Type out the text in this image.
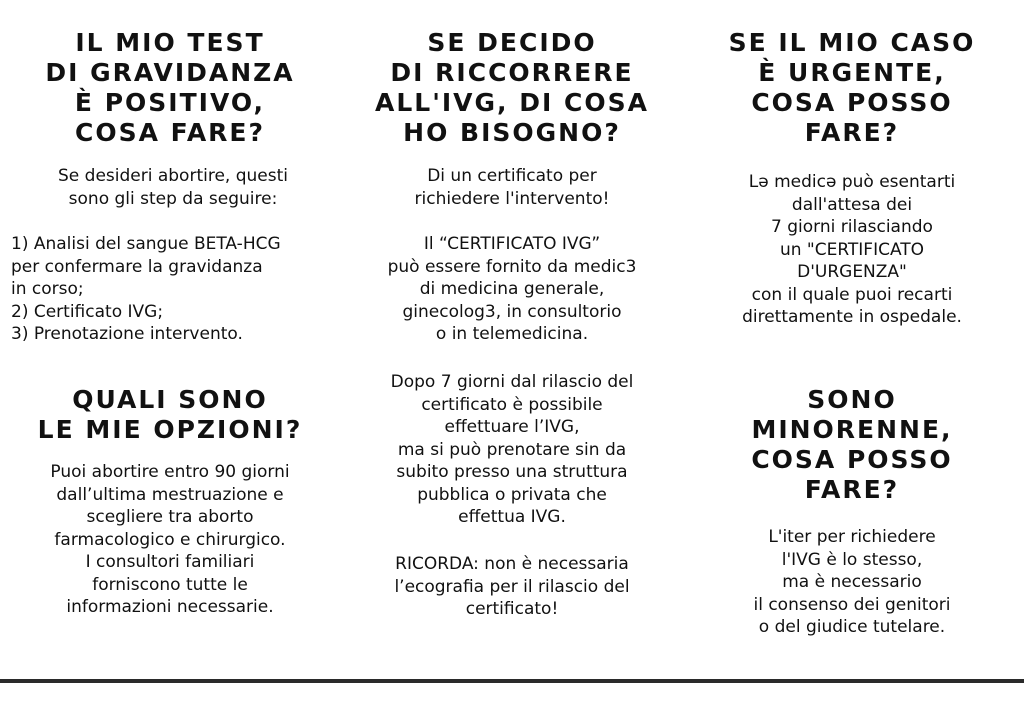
IL MIO TEST
DI GRAVIDANZA
È POSITIVO,
COSA FARE?

Se desideri abortire, questi
sono gli step da seguire:

1) Analisi del sangue BETA-HCG
per confermare la gravidanza
in corso;
2) Certificato IVG;
3) Prenotazione intervento.

QUALI SONO
LE MIE OPZIONI?

Puoi abortire entro 90 giorni
dall’ultima mestruazione e
scegliere tra aborto
farmacologico e chirurgico.
I consultori familiari
forniscono tutte le
informazioni necessarie.

SE DECIDO
DI RICCORRERE
ALL'IVG, DI COSA
HO BISOGNO?

Di un certificato per
richiedere l'intervento!

Il “CERTIFICATO IVG”
può essere fornito da medic3
di medicina generale,
ginecolog3, in consultorio
o in telemedicina.

Dopo 7 giorni dal rilascio del
certificato è possibile
effettuare l’IVG,
ma si può prenotare sin da
subito presso una struttura
pubblica o privata che
effettua IVG.

RICORDA: non è necessaria
l’ecografia per il rilascio del
certificato!

SE IL MIO CASO
È URGENTE,
COSA POSSO
FARE?

Lə medicə può esentarti
dall'attesa dei
7 giorni rilasciando
un "CERTIFICATO
D'URGENZA"
con il quale puoi recarti
direttamente in ospedale.

SONO
MINORENNE,
COSA POSSO
FARE?

L'iter per richiedere
l'IVG è lo stesso,
ma è necessario
il consenso dei genitori
o del giudice tutelare.
